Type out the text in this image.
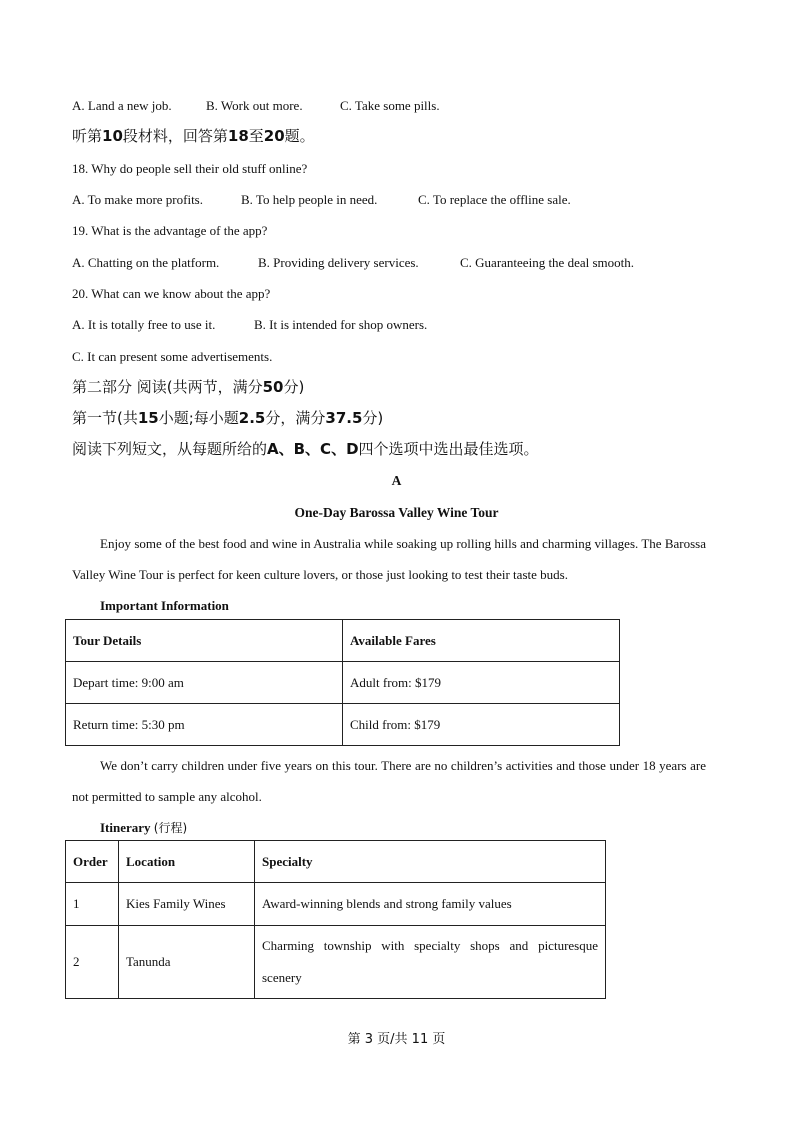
A. Land a new job.	B. Work out more.	C. Take some pills.
听第10段材料，回答第18至20题。
18. Why do people sell their old stuff online?
A. To make more profits.	B. To help people in need.	C. To replace the offline sale.
19. What is the advantage of the app?
A. Chatting on the platform.	B. Providing delivery services.	C. Guaranteeing the deal smooth.
20. What can we know about the app?
A. It is totally free to use it.	B. It is intended for shop owners.
C. It can present some advertisements.
第二部分 阅读(共两节，满分50分)
第一节(共15小题;每小题2.5分，满分37.5分)
阅读下列短文，从每题所给的A、B、C、D四个选项中选出最佳选项。
A
One-Day Barossa Valley Wine Tour
Enjoy some of the best food and wine in Australia while soaking up rolling hills and charming villages. The Barossa Valley Wine Tour is perfect for keen culture lovers, or those just looking to test their taste buds.
Important Information
Tour Details	Available Fares
Depart time: 9:00 am	Adult from: $179
Return time: 5:30 pm	Child from: $179
We don’t carry children under five years on this tour. There are no children’s activities and those under 18 years are not permitted to sample any alcohol.
Itinerary (行程)
Order	Location	Specialty
1	Kies Family Wines	Award-winning blends and strong family values
2	Tanunda	Charming township with specialty shops and picturesque scenery
第 3 页/共 11 页
